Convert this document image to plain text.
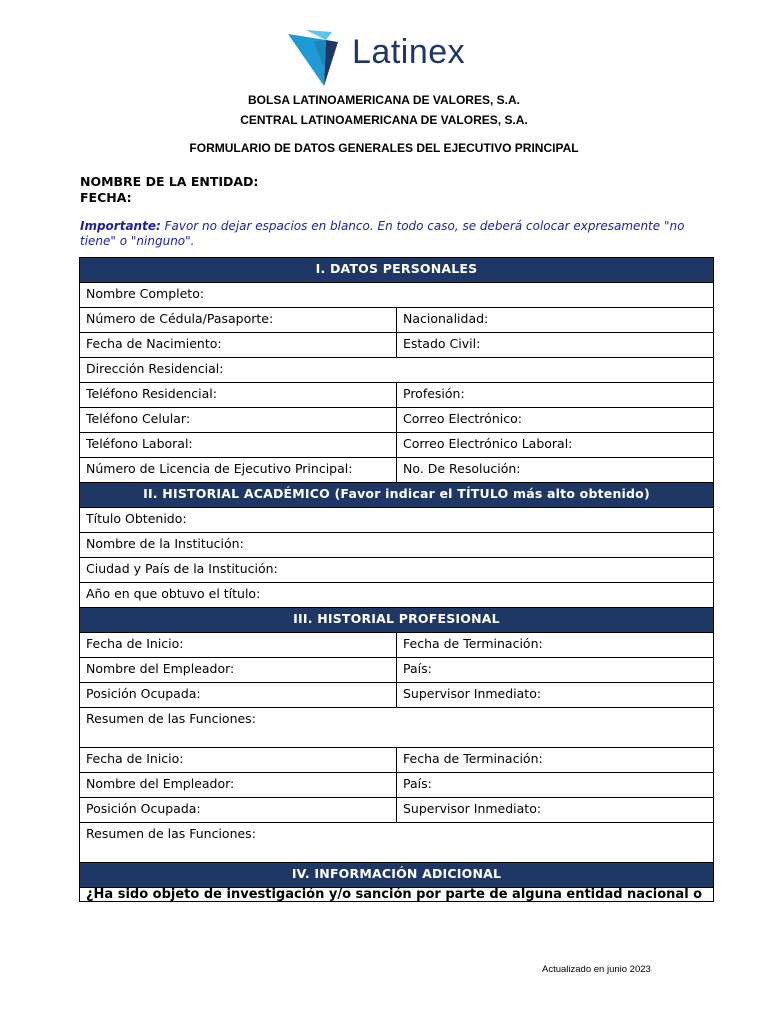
Latinex
BOLSA LATINOAMERICANA DE VALORES, S.A.
CENTRAL LATINOAMERICANA DE VALORES, S.A.
FORMULARIO DE DATOS GENERALES DEL EJECUTIVO PRINCIPAL
NOMBRE DE LA ENTIDAD:
FECHA:
Importante: Favor no dejar espacios en blanco. En todo caso, se deberá colocar expresamente "no tiene" o "ninguno".
I. DATOS PERSONALES	
Nombre Completo:	
Número de Cédula/Pasaporte:	Nacionalidad:
Fecha de Nacimiento:	Estado Civil:
Dirección Residencial:	
Teléfono Residencial:	Profesión:
Teléfono Celular:	Correo Electrónico:
Teléfono Laboral:	Correo Electrónico Laboral:
Número de Licencia de Ejecutivo Principal:	No. De Resolución:
II. HISTORIAL ACADÉMICO (Favor indicar el TÍTULO más alto obtenido)	
Título Obtenido:	
Nombre de la Institución:	
Ciudad y País de la Institución:	
Año en que obtuvo el título:	
III. HISTORIAL PROFESIONAL	
Fecha de Inicio:	Fecha de Terminación:
Nombre del Empleador:	País:
Posición Ocupada:	Supervisor Inmediato:
Resumen de las Funciones:	
Fecha de Inicio:	Fecha de Terminación:
Nombre del Empleador:	País:
Posición Ocupada:	Supervisor Inmediato:
Resumen de las Funciones:	
IV. INFORMACIÓN ADICIONAL	
¿Ha sido objeto de investigación y/o sanción por parte de alguna entidad nacional o	
Actualizado en junio 2023
